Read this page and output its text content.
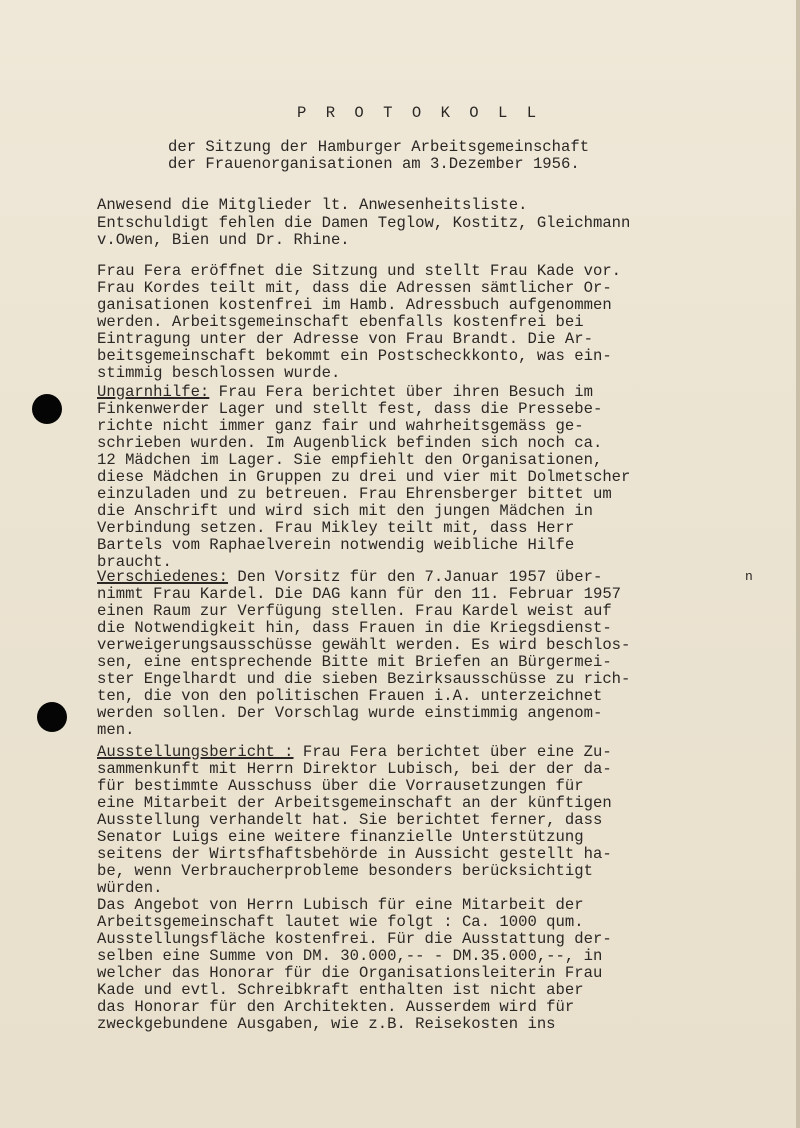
P R O T O K O L L
der Sitzung der Hamburger Arbeitsgemeinschaft
der Frauenorganisationen am 3.Dezember 1956.
Anwesend die Mitglieder lt. Anwesenheitsliste.
Entschuldigt fehlen die Damen Teglow, Kostitz, Gleichmann
v.Owen, Bien und Dr. Rhine.
Frau Fera eröffnet die Sitzung und stellt Frau Kade vor.
Frau Kordes teilt mit, dass die Adressen sämtlicher Or-
ganisationen kostenfrei im Hamb. Adressbuch aufgenommen
werden. Arbeitsgemeinschaft ebenfalls kostenfrei bei
Eintragung unter der Adresse von Frau Brandt. Die Ar-
beitsgemeinschaft bekommt ein Postscheckkonto, was ein-
stimmig beschlossen wurde.
Ungarnhilfe: Frau Fera berichtet über ihren Besuch im
Finkenwerder Lager und stellt fest, dass die Pressebe-
richte nicht immer ganz fair und wahrheitsgemäss ge-
schrieben wurden. Im Augenblick befinden sich noch ca.
12 Mädchen im Lager. Sie empfiehlt den Organisationen,
diese Mädchen in Gruppen zu drei und vier mit Dolmetscher
einzuladen und zu betreuen. Frau Ehrensberger bittet um
die Anschrift und wird sich mit den jungen Mädchen in
Verbindung setzen. Frau Mikley teilt mit, dass Herr
Bartels vom Raphaelverein notwendig weibliche Hilfe
braucht.
Verschiedenes: Den Vorsitz für den 7.Januar 1957 über-
nimmt Frau Kardel. Die DAG kann für den 11. Februar 1957
einen Raum zur Verfügung stellen. Frau Kardel weist auf
die Notwendigkeit hin, dass Frauen in die Kriegsdienst-
verweigerungsausschüsse gewählt werden. Es wird beschlos-
sen, eine entsprechende Bitte mit Briefen an Bürgermei-
ster Engelhardt und die sieben Bezirksausschüsse zu rich-
ten, die von den politischen Frauen i.A. unterzeichnet
werden sollen. Der Vorschlag wurde einstimmig angenom-
men.
Ausstellungsbericht : Frau Fera berichtet über eine Zu-
sammenkunft mit Herrn Direktor Lubisch, bei der der da-
für bestimmte Ausschuss über die Vorrausetzungen für
eine Mitarbeit der Arbeitsgemeinschaft an der künftigen
Ausstellung verhandelt hat. Sie berichtet ferner, dass
Senator Luigs eine weitere finanzielle Unterstützung
seitens der Wirtsfhaftsbehörde in Aussicht gestellt ha-
be, wenn Verbraucherprobleme besonders berücksichtigt
würden.
Das Angebot von Herrn Lubisch für eine Mitarbeit der
Arbeitsgemeinschaft lautet wie folgt : Ca. 1000 qum.
Ausstellungsfläche kostenfrei. Für die Ausstattung der-
selben eine Summe von DM. 30.000,-- - DM.35.000,--, in
welcher das Honorar für die Organisationsleiterin Frau
Kade und evtl. Schreibkraft enthalten ist nicht aber
das Honorar für den Architekten. Ausserdem wird für
zweckgebundene Ausgaben, wie z.B. Reisekosten ins
n
